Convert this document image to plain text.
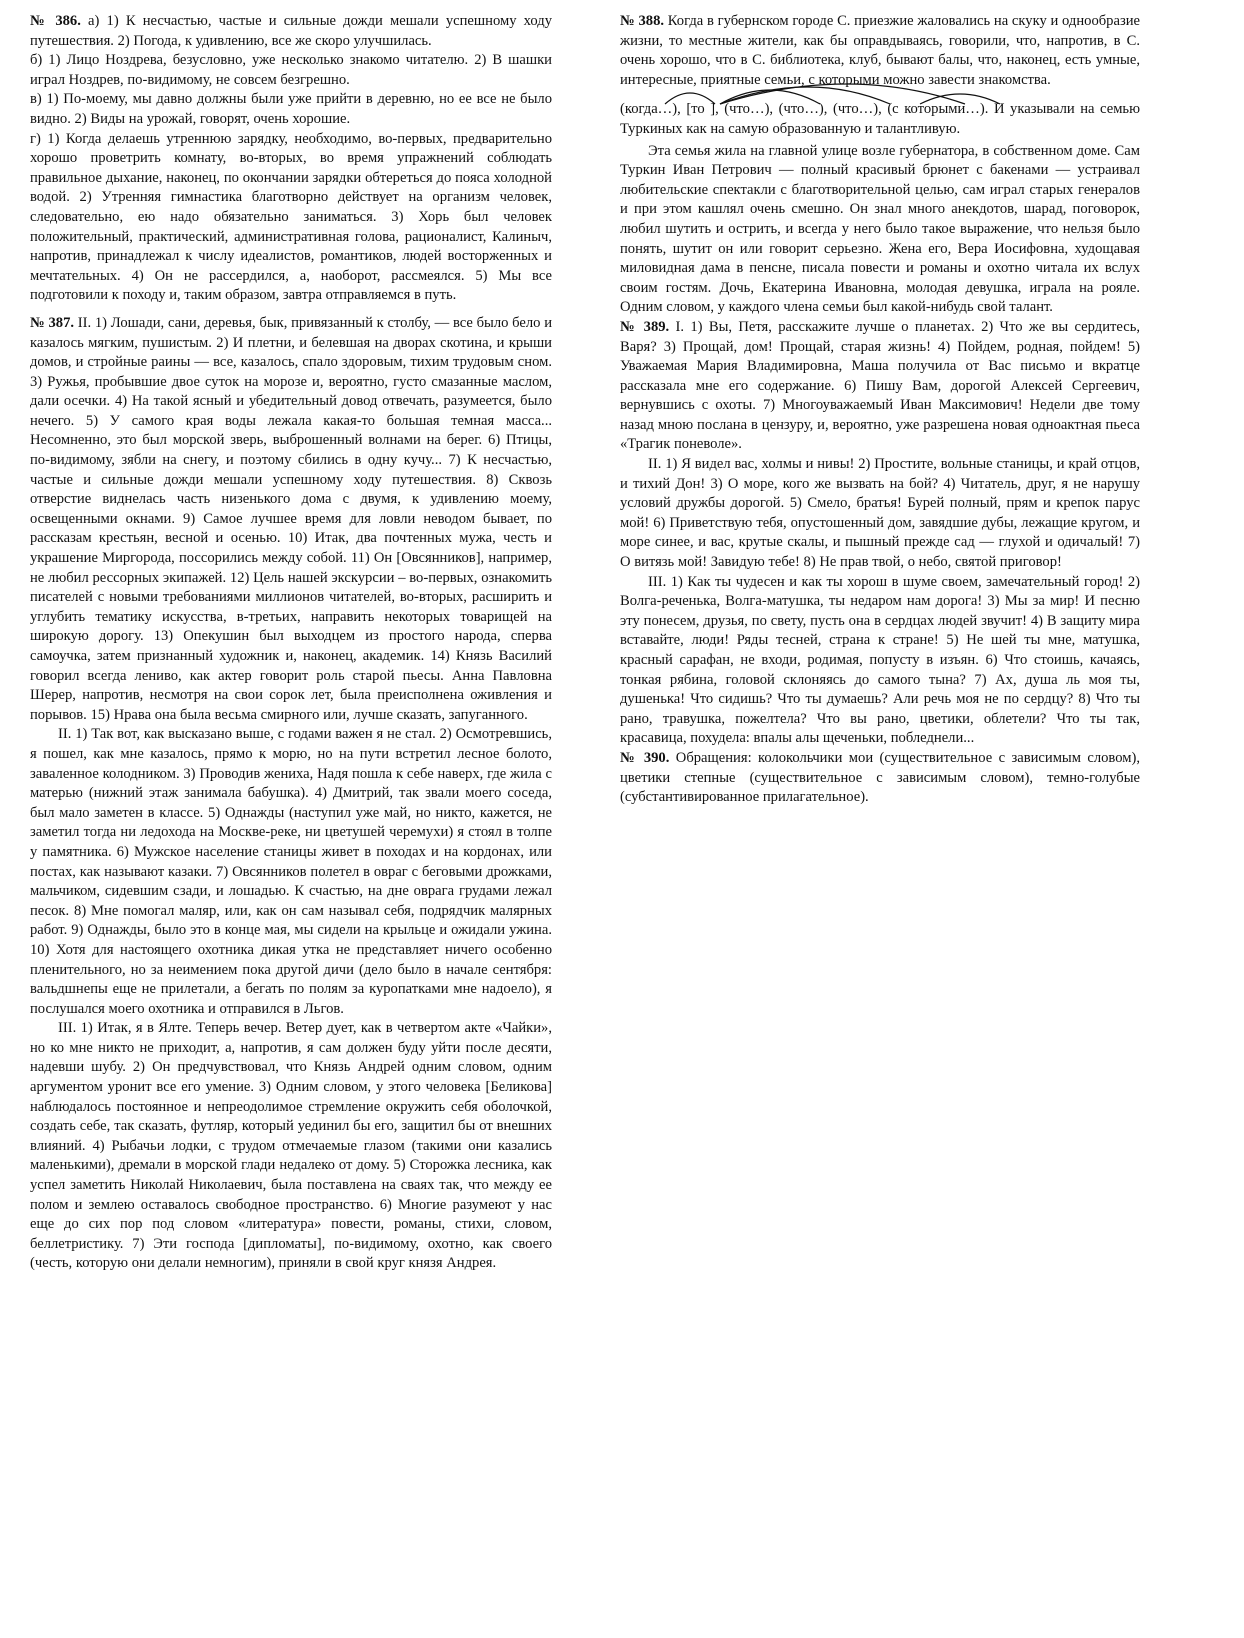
№ 386. а) 1) К несчастью, частые и сильные дожди мешали успешному ходу путешествия. 2) Погода, к удивлению, все же скоро улучшилась.

б) 1) Лицо Ноздрева, безусловно, уже несколько знакомо читателю. 2) В шашки играл Ноздрев, по-видимому, не совсем безгрешно.

в) 1) По-моему, мы давно должны были уже прийти в деревню, но ее все не было видно. 2) Виды на урожай, говорят, очень хорошие.

г) 1) Когда делаешь утреннюю зарядку, необходимо, во-первых, предварительно хорошо проветрить комнату, во-вторых, во время упражнений соблюдать правильное дыхание, наконец, по окончании зарядки обтереться до пояса холодной водой. 2) Утренняя гимнастика благотворно действует на организм человек, следовательно, ею надо обязательно заниматься. 3) Хорь был человек положительный, практический, административная голова, рационалист, Калиныч, напротив, принадлежал к числу идеалистов, романтиков, людей восторженных и мечтательных. 4) Он не рассердился, а, наоборот, рассмеялся. 5) Мы все подготовили к походу и, таким образом, завтра отправляемся в путь.

№ 387. II. 1) Лошади, сани, деревья, бык, привязанный к столбу, — все было бело и казалось мягким, пушистым. 2) И плетни, и белевшая на дворах скотина, и крыши домов, и стройные раины — все, казалось, спало здоровым, тихим трудовым сном. 3) Ружья, пробывшие двое суток на морозе и, вероятно, густо смазанные маслом, дали осечки. 4) На такой ясный и убедительный довод отвечать, разумеется, было нечего. 5) У самого края воды лежала какая-то большая темная масса... Несомненно, это был морской зверь, выброшенный волнами на берег. 6) Птицы, по-видимому, зябли на снегу, и поэтому сбились в одну кучу... 7) К несчастью, частые и сильные дожди мешали успешному ходу путешествия. 8) Сквозь отверстие виднелась часть низенького дома с двумя, к удивлению моему, освещенными окнами. 9) Самое лучшее время для ловли неводом бывает, по рассказам крестьян, весной и осенью. 10) Итак, два почтенных мужа, честь и украшение Миргорода, поссорились между собой. 11) Он [Овсянников], например, не любил рессорных экипажей. 12) Цель нашей экскурсии – во-первых, ознакомить писателей с новыми требованиями миллионов читателей, во-вторых, расширить и углубить тематику искусства, в-третьих, направить некоторых товарищей на широкую дорогу. 13) Опекушин был выходцем из простого народа, сперва самоучка, затем признанный художник и, наконец, академик. 14) Князь Василий говорил всегда лениво, как актер говорит роль старой пьесы. Анна Павловна Шерер, напротив, несмотря на свои сорок лет, была преисполнена оживления и порывов. 15) Нрава она была весьма смирного или, лучше сказать, запуганного.

II. 1) Так вот, как высказано выше, с годами важен я не стал. 2) Осмотревшись, я пошел, как мне казалось, прямо к морю, но на пути встретил лесное болото, заваленное колодником. 3) Проводив жениха, Надя пошла к себе наверх, где жила с матерью (нижний этаж занимала бабушка). 4) Дмитрий, так звали моего соседа, был мало заметен в классе. 5) Однажды (наступил уже май, но никто, кажется, не заметил тогда ни ледохода на Москве-реке, ни цветушей черемухи) я стоял в толпе у памятника. 6) Мужское население станицы живет в походах и на кордонах, или постах, как называют казаки. 7) Овсянников полетел в овраг с беговыми дрожками, мальчиком, сидевшим сзади, и лошадью. К счастью, на дне оврага грудами лежал песок. 8) Мне помогал маляр, или, как он сам называл себя, подрядчик малярных работ. 9) Однажды, было это в конце мая, мы сидели на крыльце и ожидали ужина. 10) Хотя для настоящего охотника дикая утка не представляет ничего особенно пленительного, но за неимением пока другой дичи (дело было в начале сентября: вальдшнепы еще не прилетали, а бегать по полям за куропатками мне надоело), я послушался моего охотника и отправился в Льгов.

III. 1) Итак, я в Ялте. Теперь вечер. Ветер дует, как в четвертом акте «Чайки», но ко мне никто не приходит, а, напротив, я сам должен буду уйти после десяти, надевши шубу. 2) Он предчувствовал, что Князь Андрей одним словом, одним аргументом уронит все его умение. 3) Одним словом, у этого человека [Беликова] наблюдалось постоянное и непреодолимое стремление окружить себя оболочкой, создать себе, так сказать, футляр, который уединил бы его, защитил бы от внешних влияний. 4) Рыбачьи лодки, с трудом отмечаемые глазом (такими они казались маленькими), дремали в морской глади недалеко от дому. 5) Сторожка лесника, как успел заметить Николай Николаевич, была поставлена на сваях так, что между ее полом и землею оставалось свободное пространство. 6) Многие разумеют у нас еще до сих пор под словом «литература» повести, романы, стихи, словом, беллетристику. 7) Эти господа [дипломаты], по-видимому, охотно, как своего (честь, которую они делали немногим), приняли в свой круг князя Андрея.

№ 388. Когда в губернском городе С. приезжие жаловались на скуку и однообразие жизни, то местные жители, как бы оправдываясь, говорили, что, напротив, в С. очень хорошо, что в С. библиотека, клуб, бывают балы, что, наконец, есть умные, интересные, приятные семьи, с которыми можно завести знакомства.

(когда…), [то ], (что…), (что…), (что…), (с которыми…). И указывали на семью Туркиных как на самую образованную и талантливую.

Эта семья жила на главной улице возле губернатора, в собственном доме. Сам Туркин Иван Петрович — полный красивый брюнет с бакенами — устраивал любительские спектакли с благотворительной целью, сам играл старых генералов и при этом кашлял очень смешно. Он знал много анекдотов, шарад, поговорок, любил шутить и острить, и всегда у него было такое выражение, что нельзя было понять, шутит он или говорит серьезно. Жена его, Вера Иосифовна, худощавая миловидная дама в пенсне, писала повести и романы и охотно читала их вслух своим гостям. Дочь, Екатерина Ивановна, молодая девушка, играла на рояле. Одним словом, у каждого члена семьи был какой-нибудь свой талант.

№ 389. I. 1) Вы, Петя, расскажите лучше о планетах. 2) Что же вы сердитесь, Варя? 3) Прощай, дом! Прощай, старая жизнь! 4) Пойдем, родная, пойдем! 5) Уважаемая Мария Владимировна, Маша получила от Вас письмо и вкратце рассказала мне его содержание. 6) Пишу Вам, дорогой Алексей Сергеевич, вернувшись с охоты. 7) Многоуважаемый Иван Максимович! Недели две тому назад мною послана в цензуру, и, вероятно, уже разрешена новая одноактная пьеса «Трагик поневоле».

II. 1) Я видел вас, холмы и нивы! 2) Простите, вольные станицы, и край отцов, и тихий Дон! 3) О море, кого же вызвать на бой? 4) Читатель, друг, я не нарушу условий дружбы дорогой. 5) Смело, братья! Бурей полный, прям и крепок парус мой! 6) Приветствую тебя, опустошенный дом, завядшие дубы, лежащие кругом, и море синее, и вас, крутые скалы, и пышный прежде сад — глухой и одичалый! 7) О витязь мой! Завидую тебе! 8) Не прав твой, о небо, святой приговор!

III. 1) Как ты чудесен и как ты хорош в шуме своем, замечательный город! 2) Волга-реченька, Волга-матушка, ты недаром нам дорога! 3) Мы за мир! И песню эту понесем, друзья, по свету, пусть она в сердцах людей звучит! 4) В защиту мира вставайте, люди! Ряды тесней, страна к стране! 5) Не шей ты мне, матушка, красный сарафан, не входи, родимая, попусту в изъян. 6) Что стоишь, качаясь, тонкая рябина, головой склоняясь до самого тына? 7) Ах, душа ль моя ты, душенька! Что сидишь? Что ты думаешь? Али речь моя не по сердцу? 8) Что ты рано, травушка, пожелтела? Что вы рано, цветики, облетели? Что ты так, красавица, похудела: впалы алы щеченьки, побледнели...

№ 390. Обращения: колокольчики мои (существительное с зависимым словом), цветики степные (существительное с зависимым словом), темно-голубые (субстантивированное прилагательное).
